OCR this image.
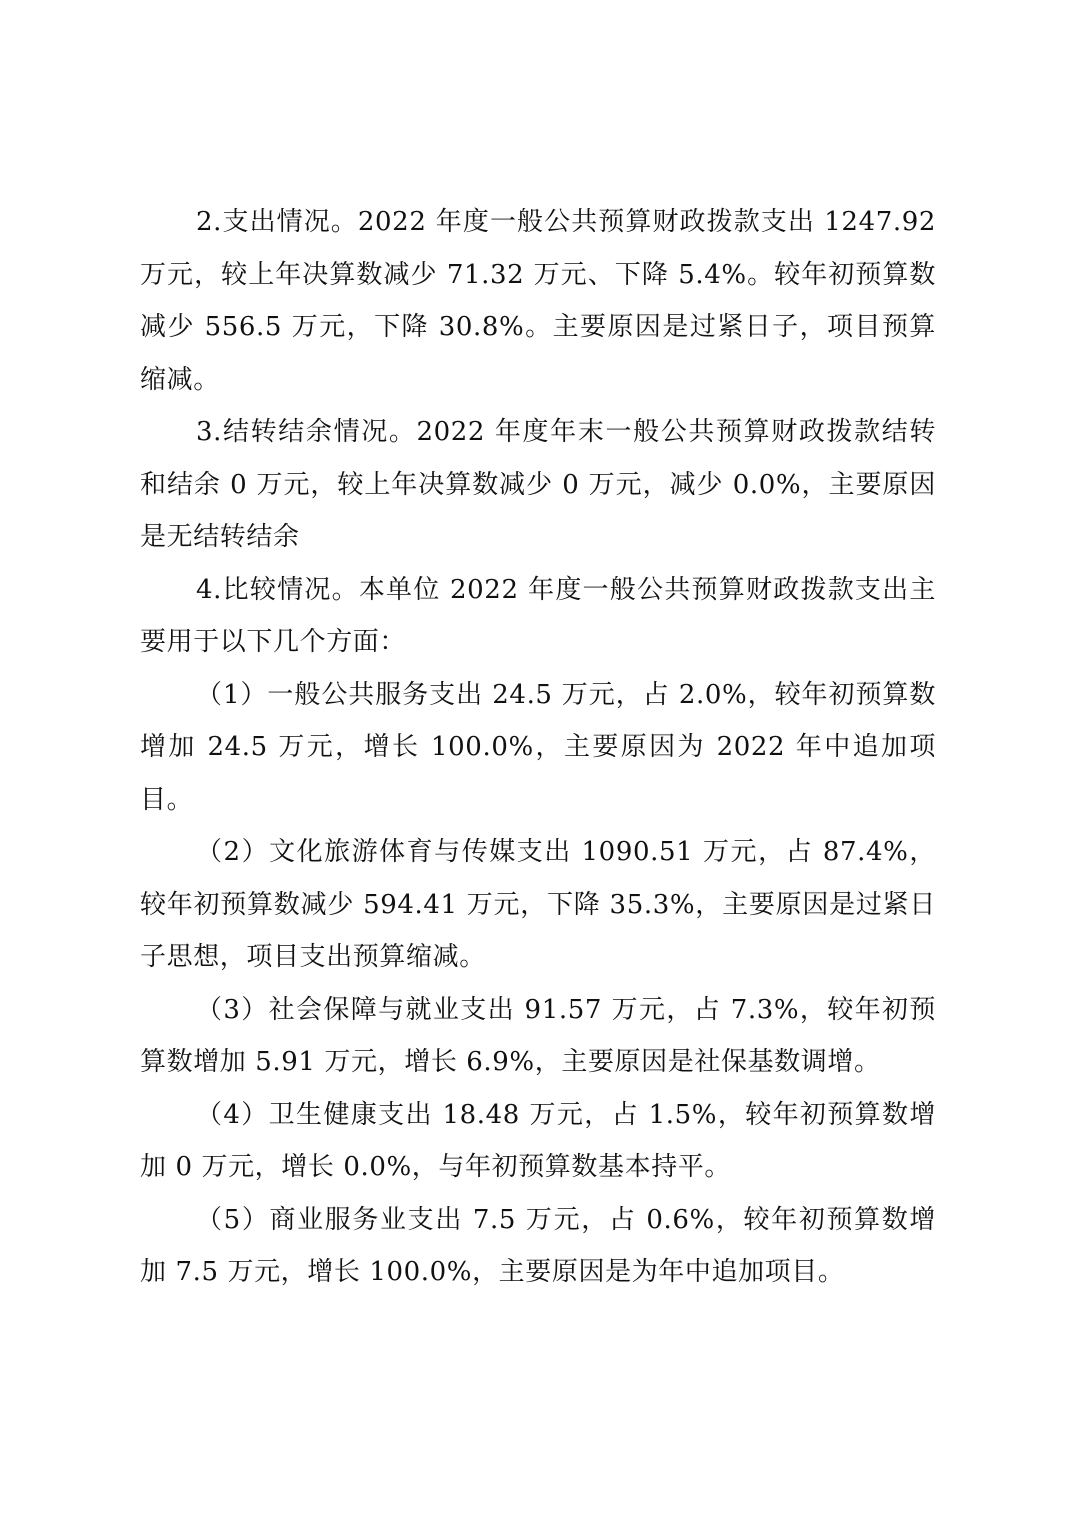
2.支出情况。2022 年度一般公共预算财政拨款支出 1247.92 万元，较上年决算数减少 71.32 万元、下降 5.4%。较年初预算数减少 556.5 万元，下降 30.8%。主要原因是过紧日子，项目预算缩减。

3.结转结余情况。2022 年度年末一般公共预算财政拨款结转和结余 0 万元，较上年决算数减少 0 万元，减少 0.0%，主要原因是无结转结余

4.比较情况。本单位 2022 年度一般公共预算财政拨款支出主要用于以下几个方面：

（1）一般公共服务支出 24.5 万元，占 2.0%，较年初预算数增加 24.5 万元，增长 100.0%，主要原因为 2022 年中追加项目。

（2）文化旅游体育与传媒支出 1090.51 万元，占 87.4%，较年初预算数减少 594.41 万元，下降 35.3%，主要原因是过紧日子思想，项目支出预算缩减。

（3）社会保障与就业支出 91.57 万元，占 7.3%，较年初预算数增加 5.91 万元，增长 6.9%，主要原因是社保基数调增。

（4）卫生健康支出 18.48 万元，占 1.5%，较年初预算数增加 0 万元，增长 0.0%，与年初预算数基本持平。

（5）商业服务业支出 7.5 万元，占 0.6%，较年初预算数增加 7.5 万元，增长 100.0%，主要原因是为年中追加项目。
